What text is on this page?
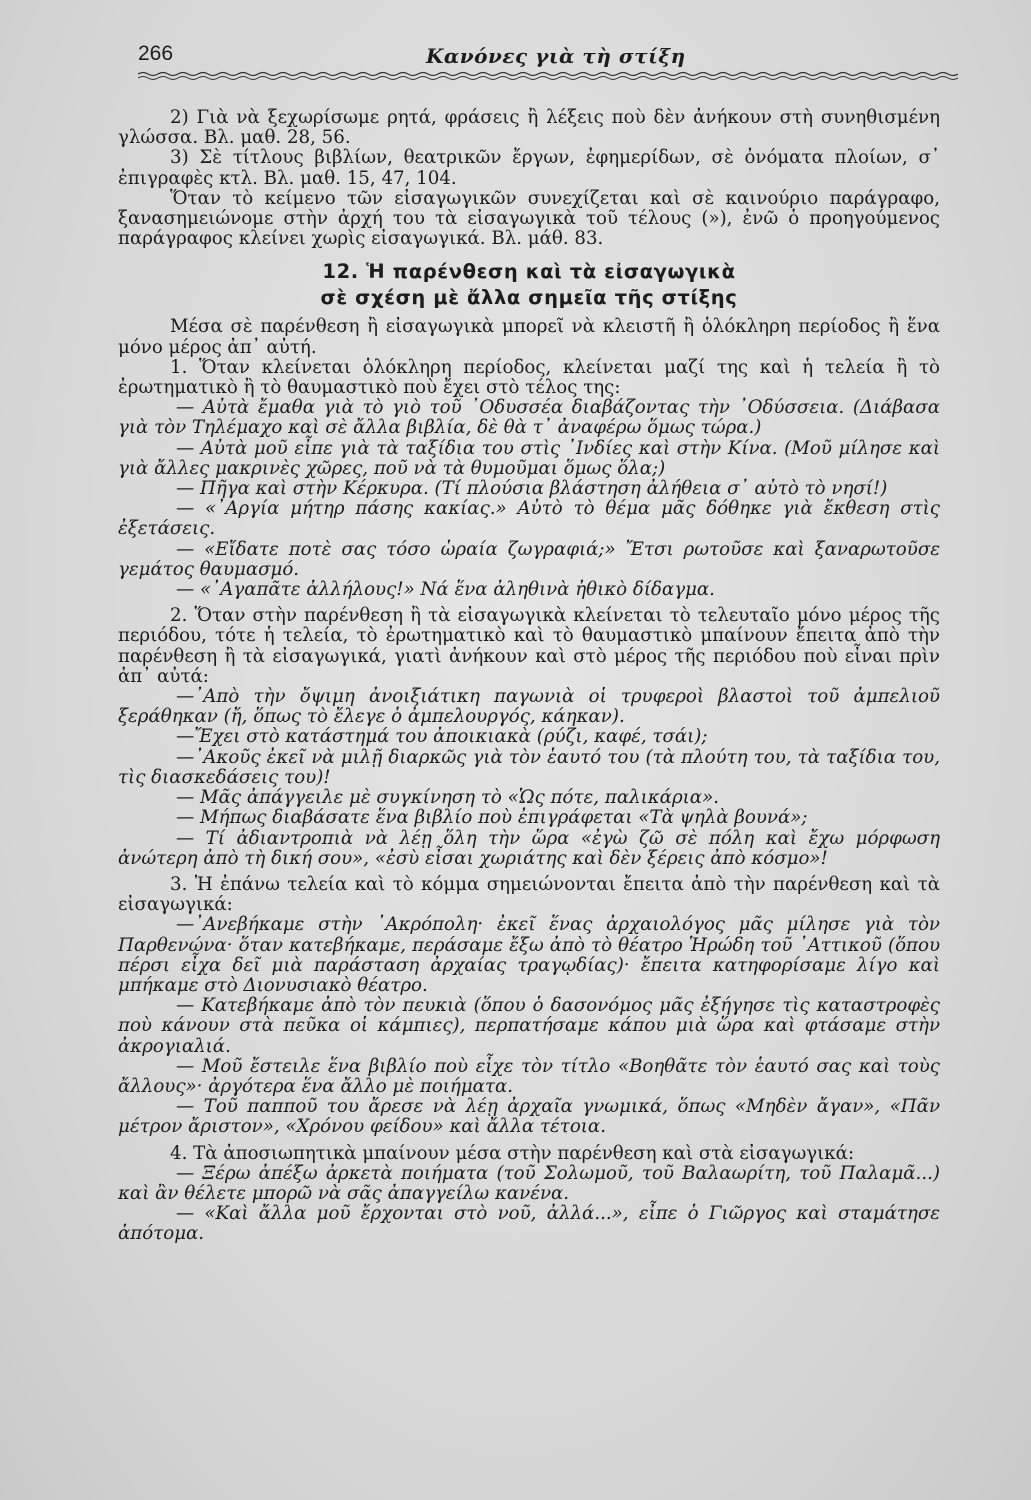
266	Κανόνες γιὰ τὴ στίξη

2) Γιὰ νὰ ξεχωρίσωμε ρητά, φράσεις ἢ λέξεις ποὺ δὲν ἀνήκουν στὴ συνηθισμένη γλώσσα. Βλ. μαθ. 28, 56.

3) Σὲ τίτλους βιβλίων, θεατρικῶν ἔργων, ἐφημερίδων, σὲ ὀνόματα πλοίων, σ᾽ ἐπιγραφὲς κτλ. Βλ. μαθ. 15, 47, 104.

Ὅταν τὸ κείμενο τῶν εἰσαγωγικῶν συνεχίζεται καὶ σὲ καινούριο παράγραφο, ξανασημειώνομε στὴν ἀρχή του τὰ εἰσαγωγικὰ τοῦ τέλους (»), ἐνῶ ὁ προηγούμενος παράγραφος κλείνει χωρὶς εἰσαγωγικά. Βλ. μάθ. 83.

12. Ἡ παρένθεση καὶ τὰ εἰσαγωγικὰ
σὲ σχέση μὲ ἄλλα σημεῖα τῆς στίξης

Μέσα σὲ παρένθεση ἢ εἰσαγωγικὰ μπορεῖ νὰ κλειστῆ ἢ ὁλόκληρη περίοδος ἢ ἕνα μόνο μέρος ἀπ᾽ αὐτή.

1. Ὅταν κλείνεται ὁλόκληρη περίοδος, κλείνεται μαζί της καὶ ἡ τελεία ἢ τὸ ἐρωτηματικὸ ἢ τὸ θαυμαστικὸ ποὺ ἔχει στὸ τέλος της:

— Αὐτὰ ἔμαθα γιὰ τὸ γιὸ τοῦ ᾽Οδυσσέα διαβάζοντας τὴν ᾽Οδύσσεια. (Διάβασα γιὰ τὸν Τηλέμαχο καὶ σὲ ἄλλα βιβλία, δὲ θὰ τ᾽ ἀναφέρω ὅμως τώρα.)

— Αὐτὰ μοῦ εἶπε γιὰ τὰ ταξίδια του στὶς ᾽Ινδίες καὶ στὴν Κίνα. (Μοῦ μίλησε καὶ γιὰ ἄλλες μακρινὲς χῶρες, ποῦ νὰ τὰ θυμοῦμαι ὅμως ὅλα;)

— Πῆγα καὶ στὴν Κέρκυρα. (Τί πλούσια βλάστηση ἀλήθεια σ᾽ αὐτὸ τὸ νησί!)

— «᾽Αργία μήτηρ πάσης κακίας.» Αὐτὸ τὸ θέμα μᾶς δόθηκε γιὰ ἔκθεση στὶς ἐξετάσεις.

— «Εἴδατε ποτὲ σας τόσο ὡραία ζωγραφιά;» Ἔτσι ρωτοῦσε καὶ ξαναρωτοῦσε γεμάτος θαυμασμό.

— «᾽Αγαπᾶτε ἀλλήλους!» Νά ἕνα ἀληθινὰ ἠθικὸ δίδαγμα.

2. Ὅταν στὴν παρένθεση ἢ τὰ εἰσαγωγικὰ κλείνεται τὸ τελευταῖο μόνο μέρος τῆς περιόδου, τότε ἡ τελεία, τὸ ἐρωτηματικὸ καὶ τὸ θαυμαστικὸ μπαίνουν ἔπειτα ἀπὸ τὴν παρένθεση ἢ τὰ εἰσαγωγικά, γιατὶ ἀνήκουν καὶ στὸ μέρος τῆς περιόδου ποὺ εἶναι πρὶν ἀπ᾽ αὐτά:

—᾽Απὸ τὴν ὄψιμη ἀνοιξιάτικη παγωνιὰ οἱ τρυφεροὶ βλαστοὶ τοῦ ἀμπελιοῦ ξεράθηκαν (ἤ, ὅπως τὸ ἔλεγε ὁ ἀμπελουργός, κάηκαν).

—Ἔχει στὸ κατάστημά του ἀποικιακὰ (ρύζι, καφέ, τσάι);

—᾽Ακοῦς ἐκεῖ νὰ μιλῇ διαρκῶς γιὰ τὸν ἑαυτό του (τὰ πλούτη του, τὰ ταξίδια του, τὶς διασκεδάσεις του)!

— Μᾶς ἀπάγγειλε μὲ συγκίνηση τὸ «Ὡς πότε, παλικάρια».

— Μήπως διαβάσατε ἕνα βιβλίο ποὺ ἐπιγράφεται «Τὰ ψηλὰ βουνά»;

— Τί ἀδιαντροπιὰ νὰ λέῃ ὅλη τὴν ὥρα «ἐγὼ ζῶ σὲ πόλη καὶ ἔχω μόρφωση ἀνώτερη ἀπὸ τὴ δική σου», «ἐσὺ εἶσαι χωριάτης καὶ δὲν ξέρεις ἀπὸ κόσμο»!

3. Ἡ ἐπάνω τελεία καὶ τὸ κόμμα σημειώνονται ἔπειτα ἀπὸ τὴν παρένθεση καὶ τὰ εἰσαγωγικά:

—᾽Ανεβήκαμε στὴν ᾽Ακρόπολη· ἐκεῖ ἕνας ἀρχαιολόγος μᾶς μίλησε γιὰ τὸν Παρθενώνα· ὅταν κατεβήκαμε, περάσαμε ἔξω ἀπὸ τὸ θέατρο Ἡρώδη τοῦ ᾽Αττικοῦ (ὅπου πέρσι εἶχα δεῖ μιὰ παράσταση ἀρχαίας τραγῳδίας)· ἔπειτα κατηφορίσαμε λίγο καὶ μπήκαμε στὸ Διονυσιακὸ θέατρο.

— Κατεβήκαμε ἀπὸ τὸν πευκιὰ (ὅπου ὁ δασονόμος μᾶς ἐξήγησε τὶς καταστροφὲς ποὺ κάνουν στὰ πεῦκα οἱ κάμπιες), περπατήσαμε κάπου μιὰ ὥρα καὶ φτάσαμε στὴν ἀκρογιαλιά.

— Μοῦ ἔστειλε ἕνα βιβλίο ποὺ εἶχε τὸν τίτλο «Βοηθᾶτε τὸν ἑαυτό σας καὶ τοὺς ἄλλους»· ἀργότερα ἕνα ἄλλο μὲ ποιήματα.

— Τοῦ παπποῦ του ἄρεσε νὰ λέῃ ἀρχαῖα γνωμικά, ὅπως «Μηδὲν ἄγαν», «Πᾶν μέτρον ἄριστον», «Χρόνου φείδου» καὶ ἄλλα τέτοια.

4. Τὰ ἀποσιωπητικὰ μπαίνουν μέσα στὴν παρένθεση καὶ στὰ εἰσαγωγικά:

— Ξέρω ἀπέξω ἀρκετὰ ποιήματα (τοῦ Σολωμοῦ, τοῦ Βαλαωρίτη, τοῦ Παλαμᾶ...) καὶ ἂν θέλετε μπορῶ νὰ σᾶς ἀπαγγείλω κανένα.

— «Καὶ ἄλλα μοῦ ἔρχονται στὸ νοῦ, ἀλλά...», εἶπε ὁ Γιῶργος καὶ σταμάτησε ἀπότομα.
